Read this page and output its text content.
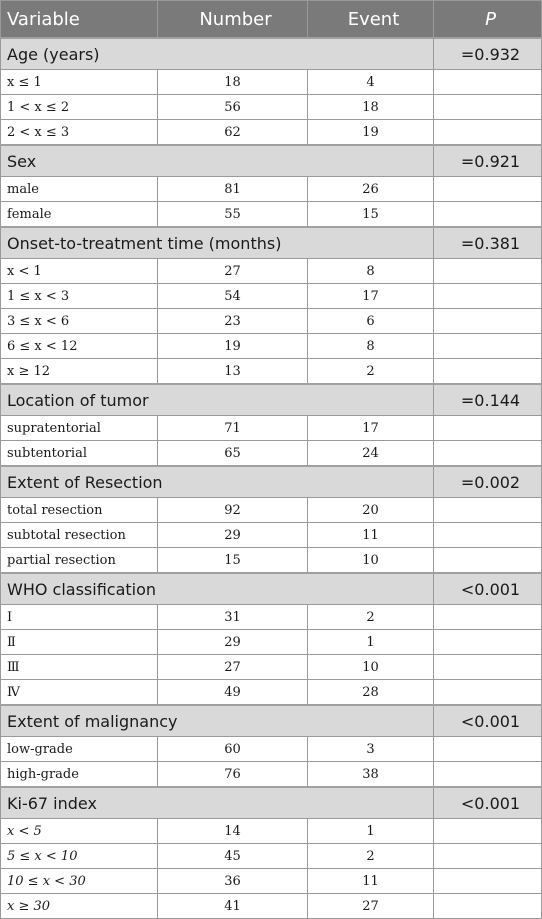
Variable	Number	Event	P
Age (years)			=0.932
x ≤ 1	18	4	
1 < x ≤ 2	56	18	
2 < x ≤ 3	62	19	
Sex			=0.921
male	81	26	
female	55	15	
Onset-to-treatment time (months)			=0.381
x < 1	27	8	
1 ≤ x < 3	54	17	
3 ≤ x < 6	23	6	
6 ≤ x < 12	19	8	
x ≥ 12	13	2	
Location of tumor			=0.144
supratentorial	71	17	
subtentorial	65	24	
Extent of Resection			=0.002
total resection	92	20	
subtotal resection	29	11	
partial resection	15	10	
WHO classification			<0.001
Ⅰ	31	2	
Ⅱ	29	1	
Ⅲ	27	10	
Ⅳ	49	28	
Extent of malignancy			<0.001
low-grade	60	3	
high-grade	76	38	
Ki-67 index			<0.001
x < 5	14	1	
5 ≤ x < 10	45	2	
10 ≤ x < 30	36	11	
x ≥ 30	41	27	
